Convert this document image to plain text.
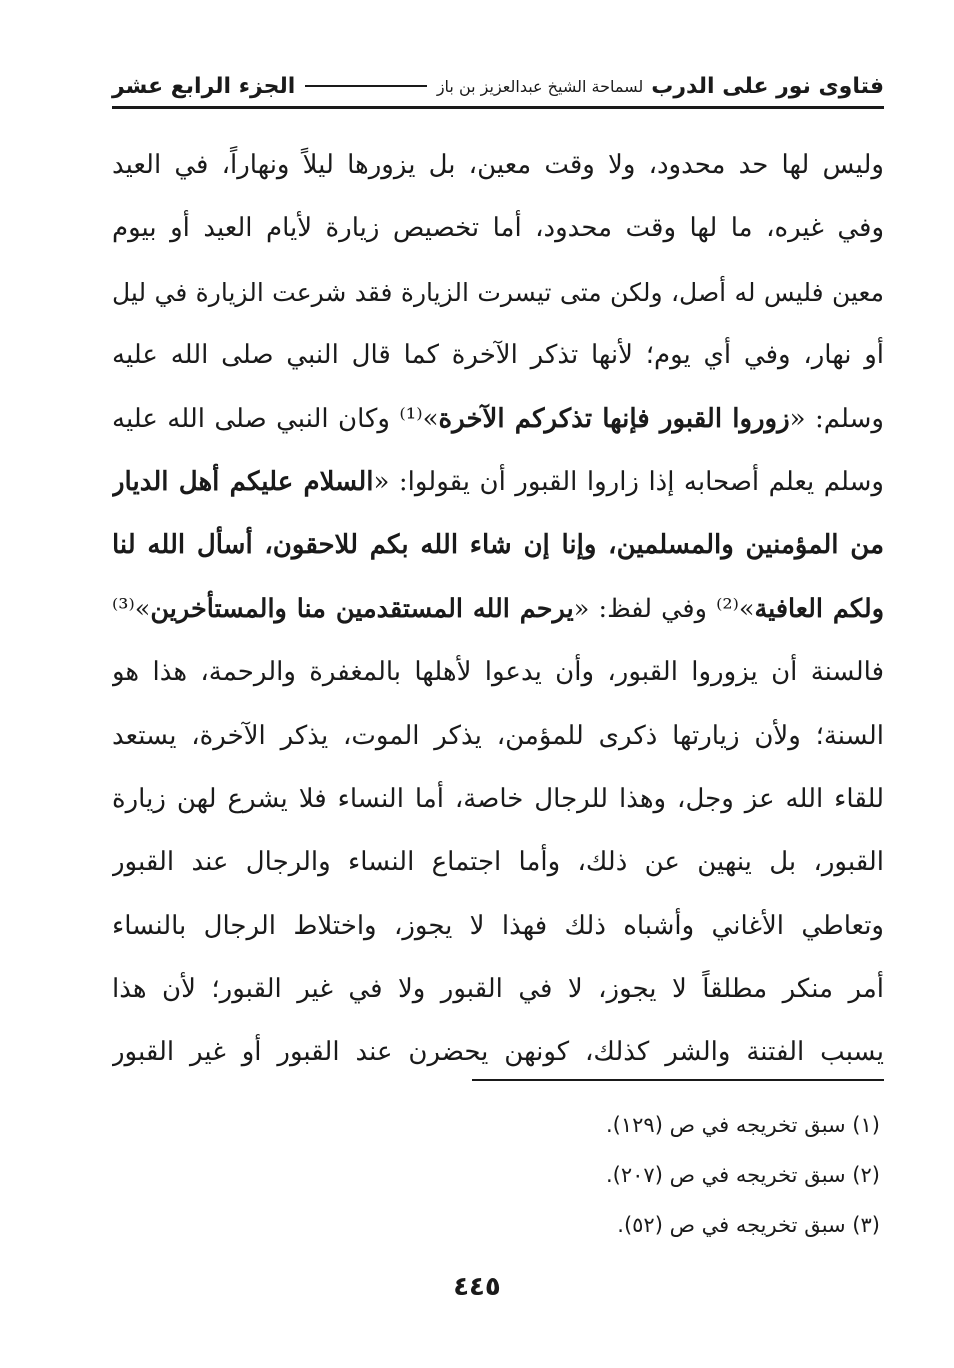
فتاوى نور على الدرب
لسماحة الشيخ عبدالعزيز بن باز
الجزء الرابع عشر
وليس لها حد محدود، ولا وقت معين، بل يزورها ليلاً ونهاراً، في العيد
وفي غيره، ما لها وقت محدود، أما تخصيص زيارة لأيام العيد أو بيوم
معين فليس له أصل، ولكن متى تيسرت الزيارة فقد شرعت الزيارة في ليل
أو نهار، وفي أي يوم؛ لأنها تذكر الآخرة كما قال النبي صلى الله عليه
وسلم: «زوروا القبور فإنها تذكركم الآخرة»⁽¹⁾ وكان النبي صلى الله عليه
وسلم يعلم أصحابه إذا زاروا القبور أن يقولوا: «السلام عليكم أهل الديار
من المؤمنين والمسلمين، وإنا إن شاء الله بكم للاحقون، أسأل الله لنا
ولكم العافية»⁽²⁾ وفي لفظ: «يرحم الله المستقدمين منا والمستأخرين»⁽³⁾
فالسنة أن يزوروا القبور، وأن يدعوا لأهلها بالمغفرة والرحمة، هذا هو
السنة؛ ولأن زيارتها ذكرى للمؤمن، يذكر الموت، يذكر الآخرة، يستعد
للقاء الله عز وجل، وهذا للرجال خاصة، أما النساء فلا يشرع لهن زيارة
القبور، بل ينهين عن ذلك، وأما اجتماع النساء والرجال عند القبور
وتعاطي الأغاني وأشباه ذلك فهذا لا يجوز، واختلاط الرجال بالنساء
أمر منكر مطلقاً لا يجوز، لا في القبور ولا في غير القبور؛ لأن هذا
يسبب الفتنة والشر كذلك، كونهن يحضرن عند القبور أو غير القبور
(١) سبق تخريجه في ص (١٢٩).
(٢) سبق تخريجه في ص (٢٠٧).
(٣) سبق تخريجه في ص (٥٢).
٤٤٥
